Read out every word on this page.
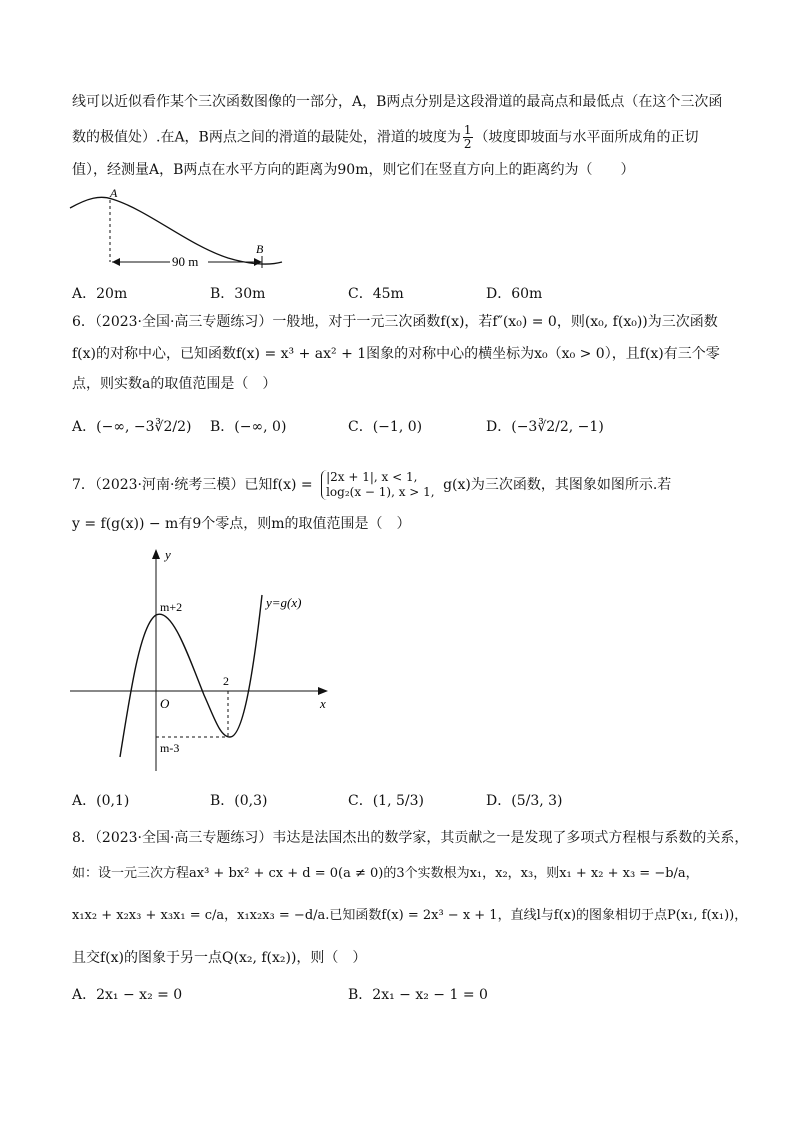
线可以近似看作某个三次函数图像的一部分，A，B两点分别是这段滑道的最高点和最低点（在这个三次函
数的极值处）.在A，B两点之间的滑道的最陡处，滑道的坡度为 $\frac{1}{2}$ （坡度即坡面与水平面所成角的正切
值），经测量A，B两点在水平方向的距离为90m，则它们在竖直方向上的距离约为（　　）
A
B
90 m
A．20m	B．30m	C．45m	D．60m
6．（2023·全国·高三专题练习）一般地，对于一元三次函数f(x)，若f″(x₀) = 0，则(x₀, f(x₀))为三次函数
f(x)的对称中心，已知函数f(x) = x³ + ax² + 1图象的对称中心的横坐标为x₀（x₀ > 0），且f(x)有三个零
点，则实数a的取值范围是（　）
A．(−∞, −3∛2/2) B．(−∞, 0)	C．(−1, 0)	D．(−3∛2/2, −1)
7．（2023·河南·统考三模）已知f(x) = |2x + 1|, x < 1,
log₂(x − 1), x > 1, g(x)为三次函数，其图象如图所示.若
y = f(g(x)) − m有9个零点，则m的取值范围是（　）
y
x
O
m+2
m-3
2
y=g(x)
A．(0,1)	B．(0,3)	C．(1, 5/3)	D．(5/3, 3)
8．（2023·全国·高三专题练习）韦达是法国杰出的数学家，其贡献之一是发现了多项式方程根与系数的关系，
如：设一元三次方程ax³ + bx² + cx + d = 0(a ≠ 0)的3个实数根为x₁，x₂，x₃，则x₁ + x₂ + x₃ = −b/a，
x₁x₂ + x₂x₃ + x₃x₁ = c/a，x₁x₂x₃ = −d/a.已知函数f(x) = 2x³ − x + 1，直线l与f(x)的图象相切于点P(x₁, f(x₁))，
且交f(x)的图象于另一点Q(x₂, f(x₂))，则（　）
A．2x₁ − x₂ = 0	B．2x₁ − x₂ − 1 = 0
